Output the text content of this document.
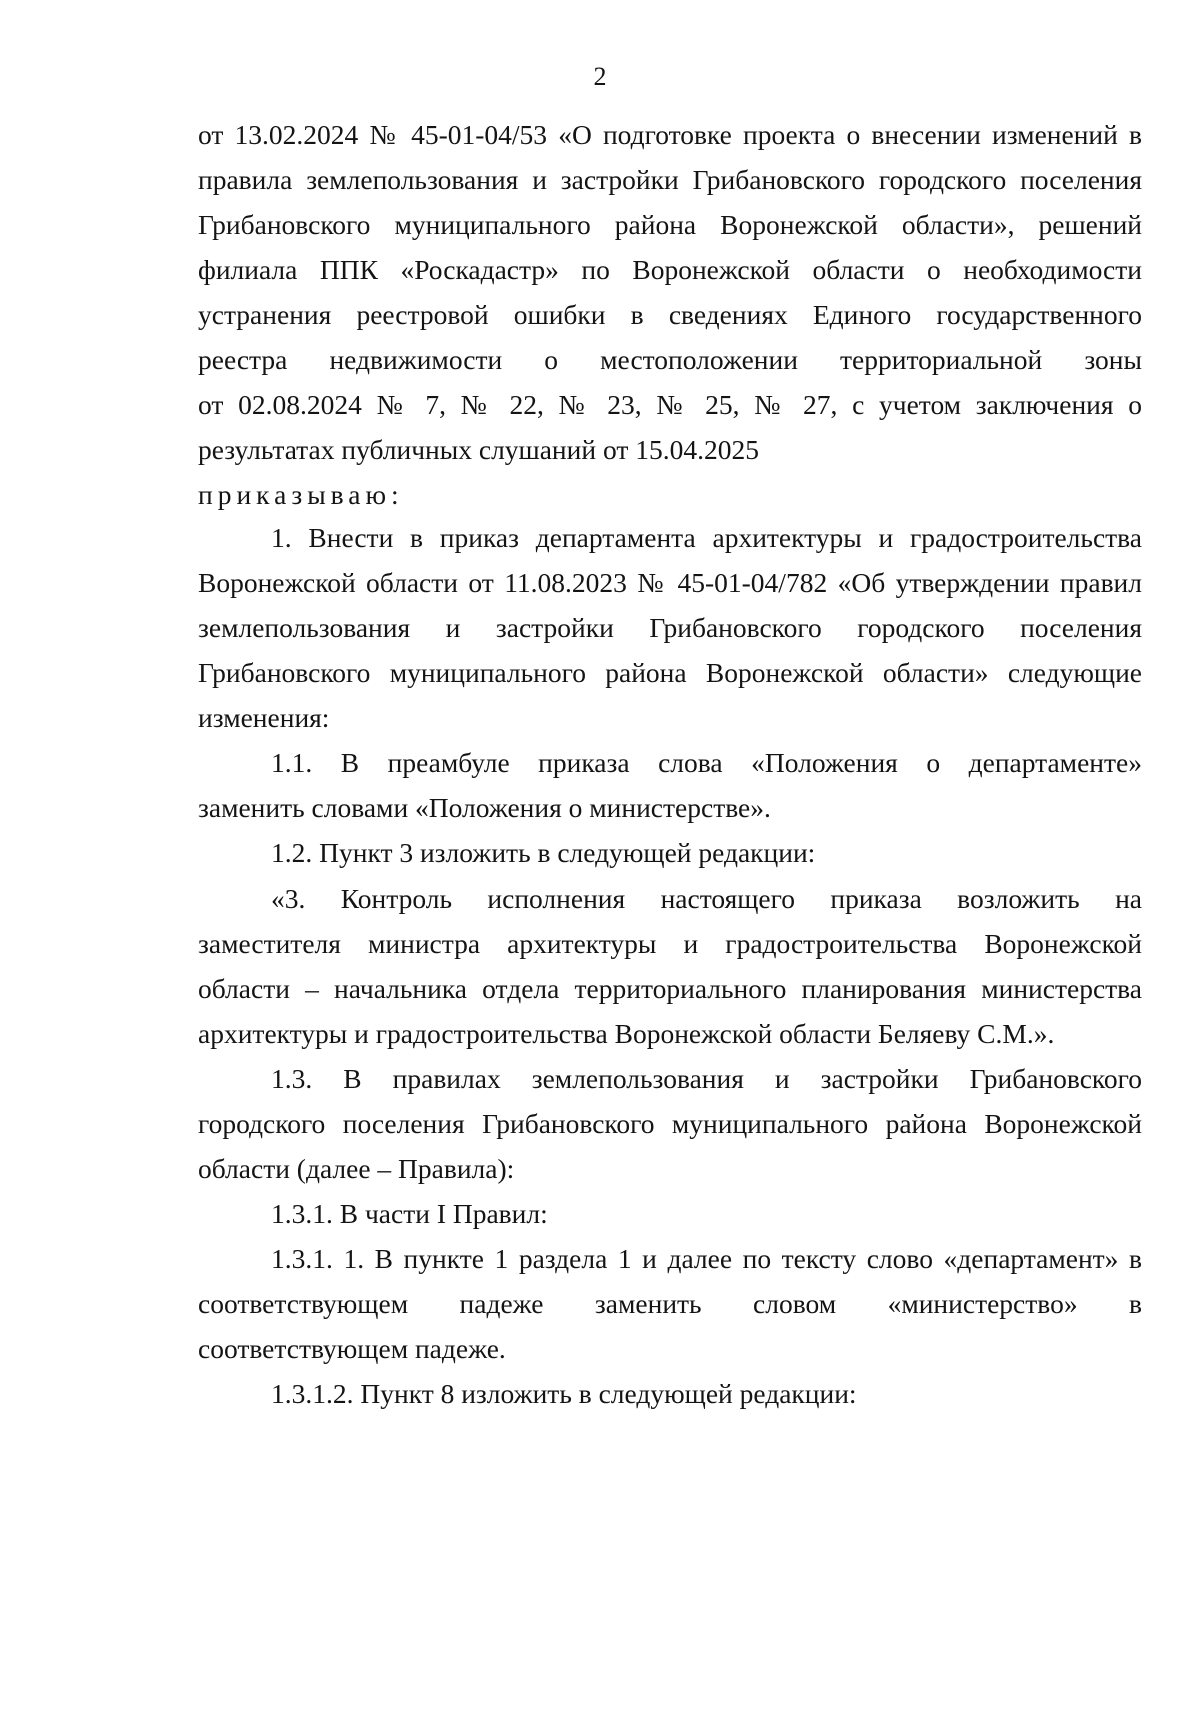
2
от 13.02.2024 № 45-01-04/53 «О подготовке проекта о внесении изменений в
правила землепользования и застройки Грибановского городского поселения
Грибановского муниципального района Воронежской области», решений
филиала ППК «Роскадастр» по Воронежской области о необходимости
устранения реестровой ошибки в сведениях Единого государственного
реестра недвижимости о местоположении территориальной зоны
от 02.08.2024 № 7, № 22, № 23, № 25, № 27, с учетом заключения о
результатах публичных слушаний от 15.04.2025
приказываю:
1. Внести в приказ департамента архитектуры и градостроительства
Воронежской области от 11.08.2023 № 45-01-04/782 «Об утверждении правил
землепользования и застройки Грибановского городского поселения
Грибановского муниципального района Воронежской области» следующие
изменения:
1.1. В преамбуле приказа слова «Положения о департаменте»
заменить словами «Положения о министерстве».
1.2. Пункт 3 изложить в следующей редакции:
«3. Контроль исполнения настоящего приказа возложить на
заместителя министра архитектуры и градостроительства Воронежской
области – начальника отдела территориального планирования министерства
архитектуры и градостроительства Воронежской области Беляеву С.М.».
1.3. В правилах землепользования и застройки Грибановского
городского поселения Грибановского муниципального района Воронежской
области (далее – Правила):
1.3.1. В части I Правил:
1.3.1. 1. В пункте 1 раздела 1 и далее по тексту слово «департамент» в
соответствующем падеже заменить словом «министерство» в
соответствующем падеже.
1.3.1.2. Пункт 8 изложить в следующей редакции:
